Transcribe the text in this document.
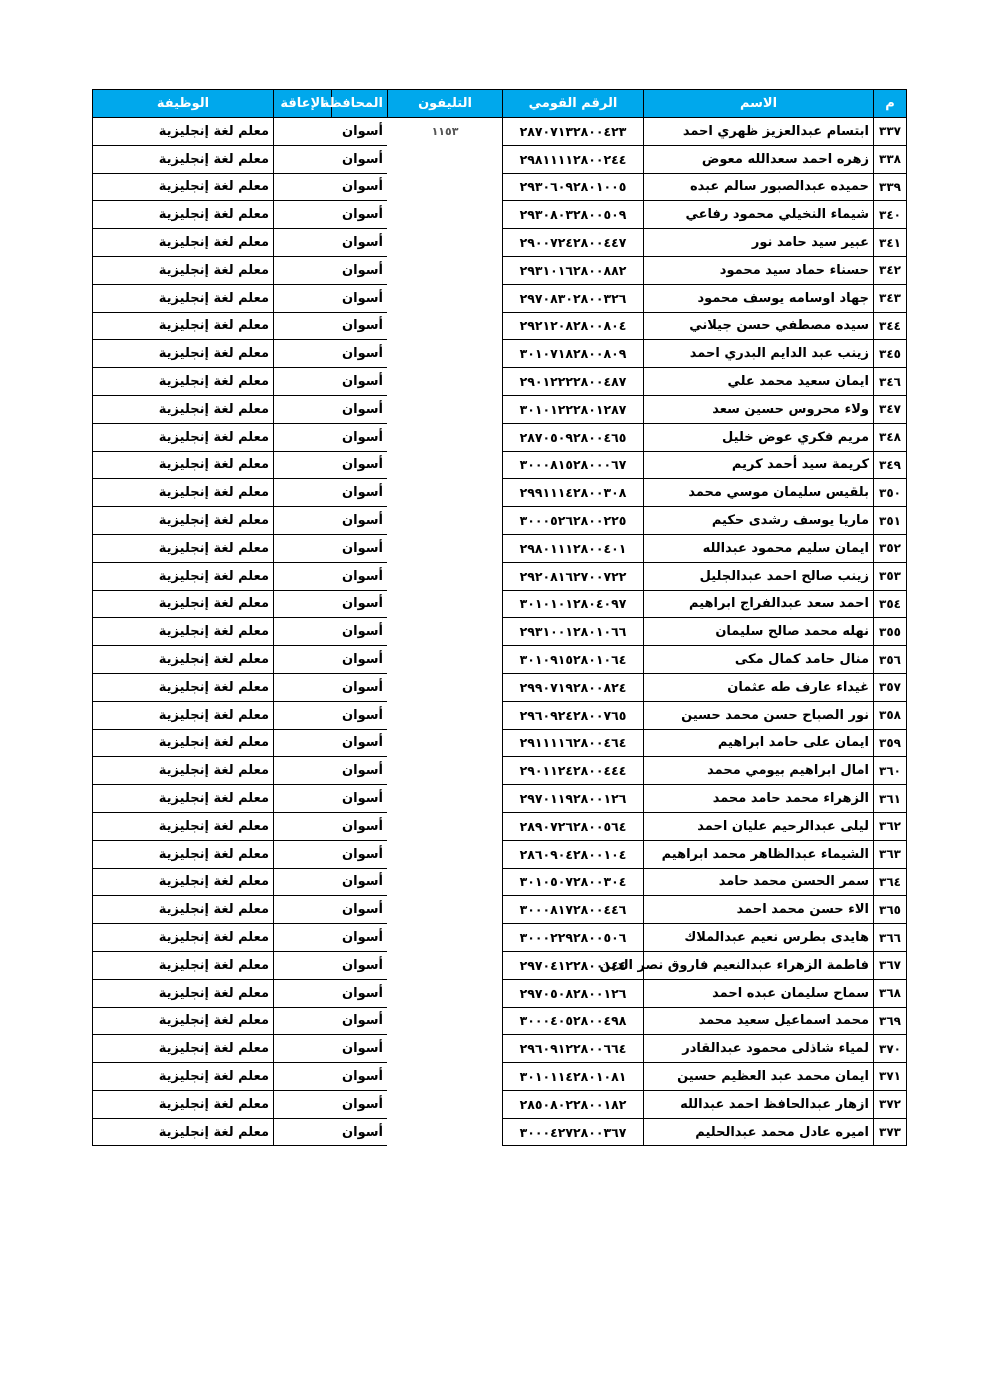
م	الاسم	الرقم القومي	التليفون	المحافظة	الإعاقة	الوظيفة
٣٣٧	ابتسام عبدالعزيز ظهري احمد	٢٨٧٠٧١٣٢٨٠٠٤٢٣	١١٥٣	أسوان		معلم لغة إنجليزية
٣٣٨	زهره احمد سعدالله معوض	٢٩٨١١١١٢٨٠٠٢٤٤		أسوان		معلم لغة إنجليزية
٣٣٩	حميده عبدالصبور سالم عبده	٢٩٣٠٦٠٩٢٨٠١٠٠٥		أسوان		معلم لغة إنجليزية
٣٤٠	شيماء النخيلي محمود رفاعي	٢٩٣٠٨٠٣٢٨٠٠٥٠٩		أسوان		معلم لغة إنجليزية
٣٤١	عبير سيد حامد نور	٢٩٠٠٧٢٤٢٨٠٠٤٤٧		أسوان		معلم لغة إنجليزية
٣٤٢	حسناء حماد سيد محمود	٢٩٣١٠١٦٢٨٠٠٨٨٢		أسوان		معلم لغة إنجليزية
٣٤٣	جهاد اوسامه يوسف محمود	٢٩٧٠٨٣٠٢٨٠٠٣٢٦		أسوان		معلم لغة إنجليزية
٣٤٤	سيده مصطفي حسن جيلاني	٢٩٢١٢٠٨٢٨٠٠٨٠٤		أسوان		معلم لغة إنجليزية
٣٤٥	زينب عبد الدايم البدري احمد	٣٠١٠٧١٨٢٨٠٠٨٠٩		أسوان		معلم لغة إنجليزية
٣٤٦	ايمان سعيد محمد علي	٢٩٠١٢٢٢٢٨٠٠٤٨٧		أسوان		معلم لغة إنجليزية
٣٤٧	ولاء محروس حسين سعد	٣٠١٠١٢٢٢٨٠١٢٨٧		أسوان		معلم لغة إنجليزية
٣٤٨	مريم فكري عوض خليل	٢٨٧٠٥٠٩٢٨٠٠٤٦٥		أسوان		معلم لغة إنجليزية
٣٤٩	كريمة سيد أحمد كريم	٣٠٠٠٨١٥٢٨٠٠٠٦٧		أسوان		معلم لغة إنجليزية
٣٥٠	بلقيس سليمان موسي محمد	٢٩٩١١١٤٢٨٠٠٣٠٨		أسوان		معلم لغة إنجليزية
٣٥١	ماريا يوسف رشدى حكيم	٣٠٠٠٥٢٦٢٨٠٠٢٢٥		أسوان		معلم لغة إنجليزية
٣٥٢	ايمان سليم محمود عبدالله	٢٩٨٠١١١٢٨٠٠٤٠١		أسوان		معلم لغة إنجليزية
٣٥٣	زينب صالح احمد عبدالجليل	٢٩٢٠٨١٦٢٧٠٠٧٢٢		أسوان		معلم لغة إنجليزية
٣٥٤	احمد سعد عبدالفراج ابراهيم	٣٠١٠١٠١٢٨٠٤٠٩٧		أسوان		معلم لغة إنجليزية
٣٥٥	نهله محمد صالح سليمان	٢٩٣١٠٠١٢٨٠١٠٦٦		أسوان		معلم لغة إنجليزية
٣٥٦	منال حامد كمال مكى	٣٠١٠٩١٥٢٨٠١٠٦٤		أسوان		معلم لغة إنجليزية
٣٥٧	غيداء عارف طه عثمان	٢٩٩٠٧١٩٢٨٠٠٨٢٤		أسوان		معلم لغة إنجليزية
٣٥٨	نور الصباح حسن محمد حسين	٢٩٦٠٩٢٤٢٨٠٠٧٦٥		أسوان		معلم لغة إنجليزية
٣٥٩	ايمان على حامد ابراهيم	٢٩١١١١٦٢٨٠٠٤٦٤		أسوان		معلم لغة إنجليزية
٣٦٠	امال ابراهيم بيومي محمد	٢٩٠١١٢٤٢٨٠٠٤٤٤		أسوان		معلم لغة إنجليزية
٣٦١	الزهراء محمد حامد محمد	٢٩٧٠١١٩٢٨٠٠١٢٦		أسوان		معلم لغة إنجليزية
٣٦٢	ليلى عبدالرحيم عليان احمد	٢٨٩٠٧٢٦٢٨٠٠٥٦٤		أسوان		معلم لغة إنجليزية
٣٦٣	الشيماء عبدالظاهر محمد ابراهيم	٢٨٦٠٩٠٤٢٨٠٠١٠٤		أسوان		معلم لغة إنجليزية
٣٦٤	سمر الحسن محمد حامد	٣٠١٠٥٠٧٢٨٠٠٣٠٤		أسوان		معلم لغة إنجليزية
٣٦٥	الاء حسن محمد احمد	٣٠٠٠٨١٧٢٨٠٠٤٤٦		أسوان		معلم لغة إنجليزية
٣٦٦	هايدى بطرس نعيم عبدالملاك	٣٠٠٠٢٢٩٢٨٠٠٥٠٦		أسوان		معلم لغة إنجليزية
٣٦٧	فاطمة الزهراء عبدالنعيم فاروق نصر الدين	٢٩٧٠٤١٢٢٨٠٠١٤٤		أسوان		معلم لغة إنجليزية
٣٦٨	سماح سليمان عبده احمد	٢٩٧٠٥٠٨٢٨٠٠١٢٦		أسوان		معلم لغة إنجليزية
٣٦٩	محمد اسماعيل سعيد محمد	٣٠٠٠٤٠٥٢٨٠٠٤٩٨		أسوان		معلم لغة إنجليزية
٣٧٠	لمياء شاذلى محمود عبدالقادر	٢٩٦٠٩١٢٢٨٠٠٦٦٤		أسوان		معلم لغة إنجليزية
٣٧١	ايمان محمد عبد العظيم حسين	٣٠١٠١١٤٢٨٠١٠٨١		أسوان		معلم لغة إنجليزية
٣٧٢	ازهار عبدالحافظ احمد عبدالله	٢٨٥٠٨٠٢٢٨٠٠١٨٢		أسوان		معلم لغة إنجليزية
٣٧٣	اميره عادل محمد عبدالحليم	٣٠٠٠٤٢٧٢٨٠٠٣٦٧		أسوان		معلم لغة إنجليزية
